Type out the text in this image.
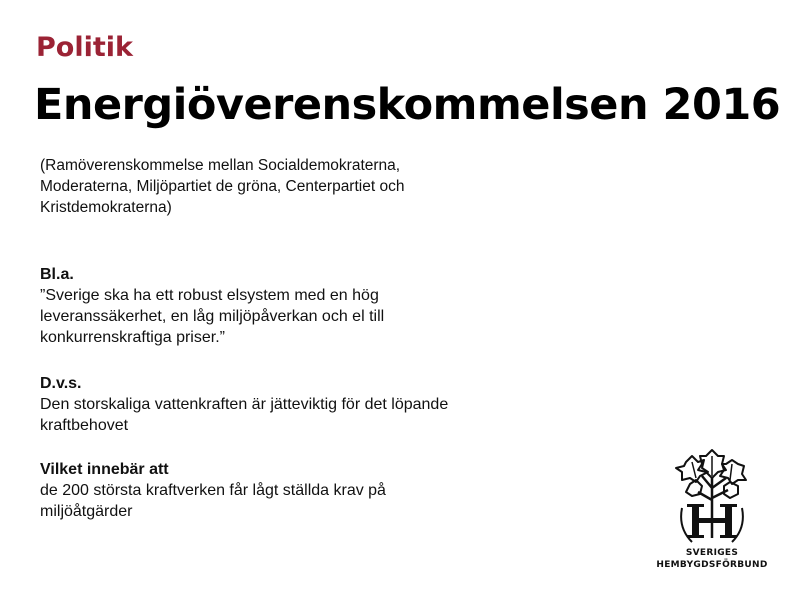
Politik
Energiöverenskommelsen 2016

(Ramöverenskommelse mellan Socialdemokraterna,
Moderaterna, Miljöpartiet de gröna, Centerpartiet och
Kristdemokraterna)

Bl.a.
”Sverige ska ha ett robust elsystem med en hög
leveranssäkerhet, en låg miljöpåverkan och el till
konkurrenskraftiga priser.”
D.v.s.
Den storskaliga vattenkraften är jätteviktig för det löpande
kraftbehovet
Vilket innebär att
de 200 största kraftverken får lågt ställda krav på
miljöåtgärder
SVERIGES
HEMBYGDSFÖRBUND
